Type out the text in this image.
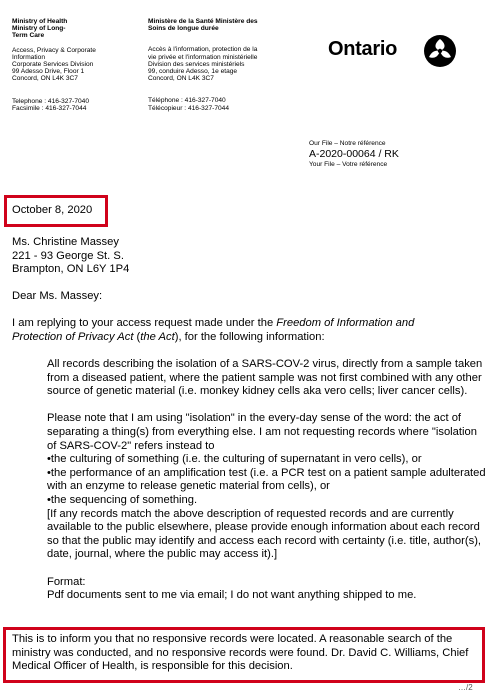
Ministry of Health

Ministry of Long-

Term Care

Access, Privacy & Corporate

Information

Corporate Services Division

99 Adesso Drive, Floor 1

Concord, ON L4K 3C7

Telephone : 416-327-7040

Facsimile : 416-327-7044

Ministère de la Santé Ministère des

Soins de longue durée

Accès à l'information, protection de la

vie privée et l'information ministérielle

Division des services ministériels

99, conduire Adesso, 1e etage

Concord, ON L4K 3C7

Téléphone : 416-327-7040

Télécopieur : 416-327-7044

Ontario
Our File – Notre référence
A-2020-00064 / RK
Your File – Votre référence
October 8, 2020

Ms. Christine Massey

221 - 93 George St. S.

Brampton, ON L6Y 1P4

Dear Ms. Massey:
I am replying to your access request made under the Freedom of Information and Protection of Privacy Act (the Act), for the following information:

All records describing the isolation of a SARS-COV-2 virus, directly from a sample taken from a diseased patient, where the patient sample was not first combined with any other source of genetic material (i.e. monkey kidney cells aka vero cells; liver cancer cells).

Please note that I am using "isolation" in the every-day sense of the word: the act of separating a thing(s) from everything else. I am not requesting records where "isolation of SARS-COV-2" refers instead to

•the culturing of something (i.e. the culturing of supernatant in vero cells), or

•the performance of an amplification test (i.e. a PCR test on a patient sample adulterated with an enzyme to release genetic material from cells), or

•the sequencing of something.

[If any records match the above description of requested records and are currently available to the public elsewhere, please provide enough information about each record so that the public may identify and access each record with certainty (i.e. title, author(s), date, journal, where the public may access it).]

Format:

Pdf documents sent to me via email; I do not want anything shipped to me.

This is to inform you that no responsive records were located. A reasonable search of the ministry was conducted, and no responsive records were found. Dr. David C. Williams, Chief Medical Officer of Health, is responsible for this decision.
…/2
